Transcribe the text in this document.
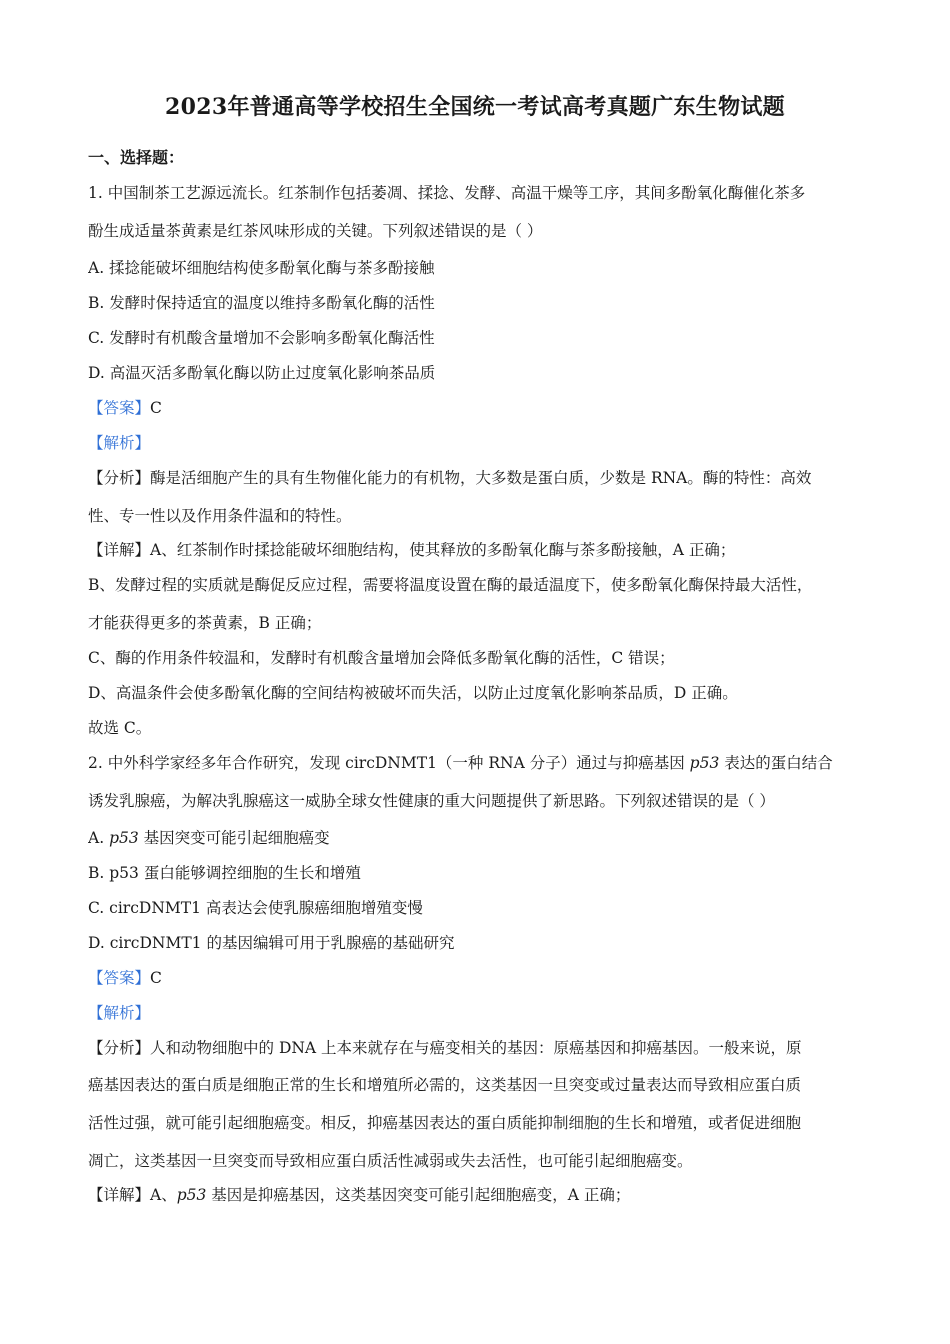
2023年普通高等学校招生全国统一考试高考真题广东生物试题
一、选择题：
1. 中国制茶工艺源远流长。红茶制作包括萎凋、揉捻、发酵、高温干燥等工序，其间多酚氧化酶催化茶多
酚生成适量茶黄素是红茶风味形成的关键。下列叙述错误的是（ ）
A. 揉捻能破坏细胞结构使多酚氧化酶与茶多酚接触
B. 发酵时保持适宜的温度以维持多酚氧化酶的活性
C. 发酵时有机酸含量增加不会影响多酚氧化酶活性
D. 高温灭活多酚氧化酶以防止过度氧化影响茶品质
【答案】C
【解析】
【分析】酶是活细胞产生的具有生物催化能力的有机物，大多数是蛋白质，少数是 RNA。酶的特性：高效
性、专一性以及作用条件温和的特性。
【详解】A、红茶制作时揉捻能破坏细胞结构，使其释放的多酚氧化酶与茶多酚接触，A 正确；
B、发酵过程的实质就是酶促反应过程，需要将温度设置在酶的最适温度下，使多酚氧化酶保持最大活性，
才能获得更多的茶黄素，B 正确；
C、酶的作用条件较温和，发酵时有机酸含量增加会降低多酚氧化酶的活性，C 错误；
D、高温条件会使多酚氧化酶的空间结构被破坏而失活，以防止过度氧化影响茶品质，D 正确。
故选 C。
2. 中外科学家经多年合作研究，发现 circDNMT1（一种 RNA 分子）通过与抑癌基因 p53 表达的蛋白结合
诱发乳腺癌，为解决乳腺癌这一威胁全球女性健康的重大问题提供了新思路。下列叙述错误的是（ ）
A. p53 基因突变可能引起细胞癌变
B. p53 蛋白能够调控细胞的生长和增殖
C. circDNMT1 高表达会使乳腺癌细胞增殖变慢
D. circDNMT1 的基因编辑可用于乳腺癌的基础研究
【答案】C
【解析】
【分析】人和动物细胞中的 DNA 上本来就存在与癌变相关的基因：原癌基因和抑癌基因。一般来说，原
癌基因表达的蛋白质是细胞正常的生长和增殖所必需的，这类基因一旦突变或过量表达而导致相应蛋白质
活性过强，就可能引起细胞癌变。相反，抑癌基因表达的蛋白质能抑制细胞的生长和增殖，或者促进细胞
凋亡，这类基因一旦突变而导致相应蛋白质活性减弱或失去活性，也可能引起细胞癌变。
【详解】A、p53 基因是抑癌基因，这类基因突变可能引起细胞癌变，A 正确；
